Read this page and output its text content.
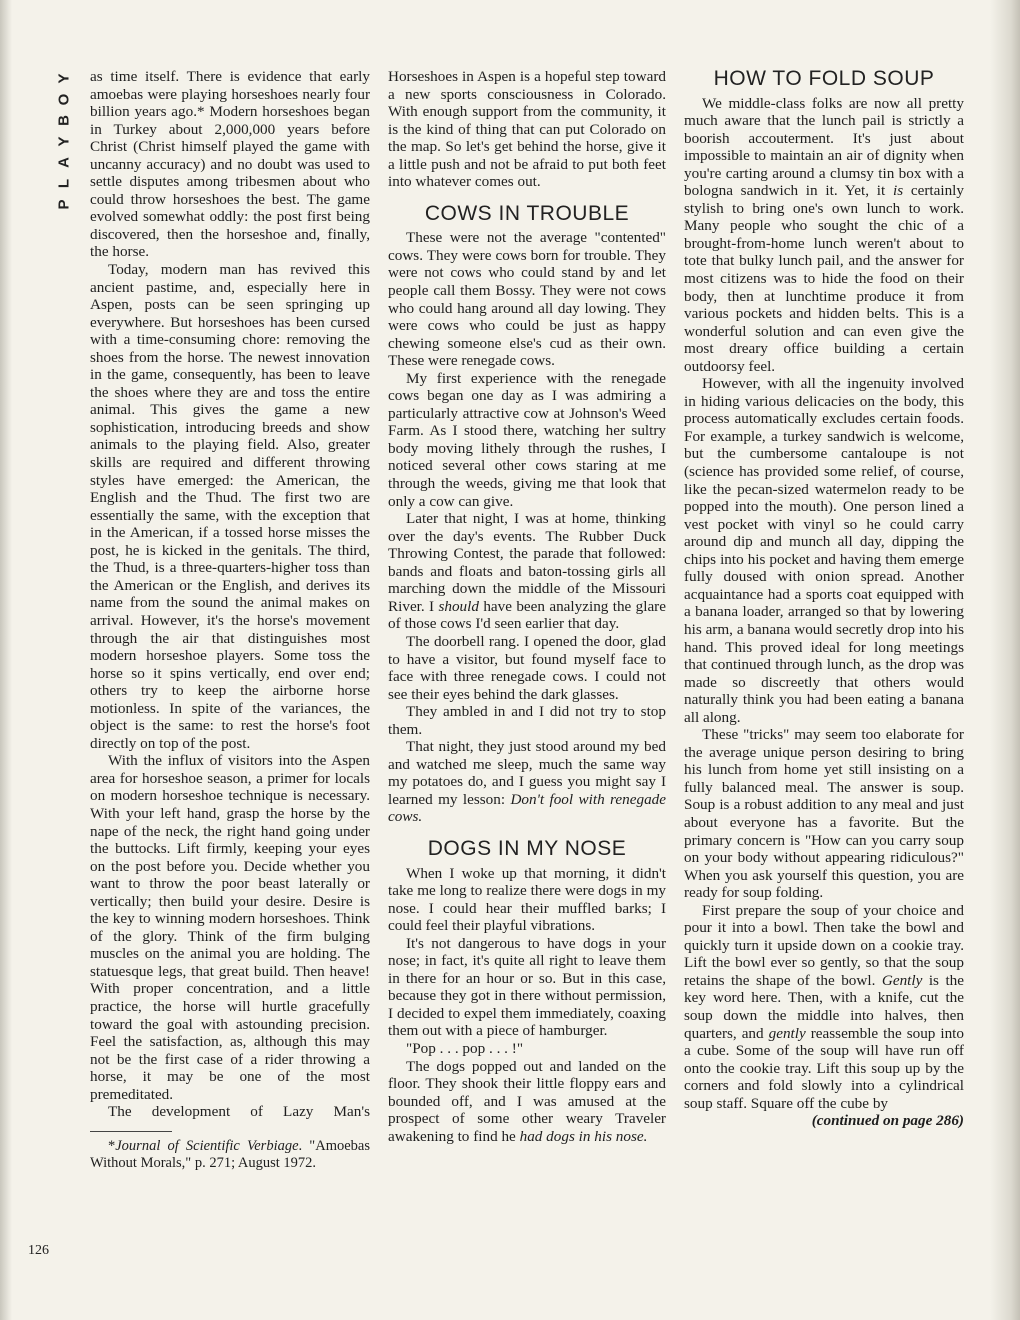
Y
O
B
Y
A
L
P

as time itself. There is evidence that early amoebas were playing horseshoes nearly four billion years ago.* Modern horseshoes began in Turkey about 2,000,000 years before Christ (Christ himself played the game with uncanny accuracy) and no doubt was used to settle disputes among tribesmen about who could throw horseshoes the best. The game evolved somewhat oddly: the post first being discovered, then the horseshoe and, finally, the horse.

Today, modern man has revived this ancient pastime, and, especially here in Aspen, posts can be seen springing up everywhere. But horseshoes has been cursed with a time-consuming chore: removing the shoes from the horse. The newest innovation in the game, consequently, has been to leave the shoes where they are and toss the entire animal. This gives the game a new sophistication, introducing breeds and show animals to the playing field. Also, greater skills are required and different throwing styles have emerged: the American, the English and the Thud. The first two are essentially the same, with the exception that in the American, if a tossed horse misses the post, he is kicked in the genitals. The third, the Thud, is a three-quarters-higher toss than the American or the English, and derives its name from the sound the animal makes on arrival. However, it's the horse's movement through the air that distinguishes most modern horseshoe players. Some toss the horse so it spins vertically, end over end; others try to keep the airborne horse motionless. In spite of the variances, the object is the same: to rest the horse's foot directly on top of the post.

With the influx of visitors into the Aspen area for horseshoe season, a primer for locals on modern horseshoe technique is necessary. With your left hand, grasp the horse by the nape of the neck, the right hand going under the buttocks. Lift firmly, keeping your eyes on the post before you. Decide whether you want to throw the poor beast laterally or vertically; then build your desire. Desire is the key to winning modern horseshoes. Think of the glory. Think of the firm bulging muscles on the animal you are holding. The statuesque legs, that great build. Then heave! With proper concentration, and a little practice, the horse will hurtle gracefully toward the goal with astounding precision. Feel the satisfaction, as, although this may not be the first case of a rider throwing a horse, it may be one of the most premeditated.

The development of Lazy Man's

*Journal of Scientific Verbiage. "Amoebas Without Morals," p. 271; August 1972.

Horseshoes in Aspen is a hopeful step toward a new sports consciousness in Colorado. With enough support from the community, it is the kind of thing that can put Colorado on the map. So let's get behind the horse, give it a little push and not be afraid to put both feet into whatever comes out.

COWS IN TROUBLE

These were not the average "contented" cows. They were cows born for trouble. They were not cows who could stand by and let people call them Bossy. They were not cows who could hang around all day lowing. They were cows who could be just as happy chewing someone else's cud as their own. These were renegade cows.

My first experience with the renegade cows began one day as I was admiring a particularly attractive cow at Johnson's Weed Farm. As I stood there, watching her sultry body moving lithely through the rushes, I noticed several other cows staring at me through the weeds, giving me that look that only a cow can give.

Later that night, I was at home, thinking over the day's events. The Rubber Duck Throwing Contest, the parade that followed: bands and floats and baton-tossing girls all marching down the middle of the Missouri River. I should have been analyzing the glare of those cows I'd seen earlier that day.

The doorbell rang. I opened the door, glad to have a visitor, but found myself face to face with three renegade cows. I could not see their eyes behind the dark glasses.

They ambled in and I did not try to stop them.

That night, they just stood around my bed and watched me sleep, much the same way my potatoes do, and I guess you might say I learned my lesson: Don't fool with renegade cows.

DOGS IN MY NOSE

When I woke up that morning, it didn't take me long to realize there were dogs in my nose. I could hear their muffled barks; I could feel their playful vibrations.

It's not dangerous to have dogs in your nose; in fact, it's quite all right to leave them in there for an hour or so. But in this case, because they got in there without permission, I decided to expel them immediately, coaxing them out with a piece of hamburger.

"Pop . . . pop . . . !"

The dogs popped out and landed on the floor. They shook their little floppy ears and bounded off, and I was amused at the prospect of some other weary Traveler awakening to find he had dogs in his nose.

HOW TO FOLD SOUP

We middle-class folks are now all pretty much aware that the lunch pail is strictly a boorish accouterment. It's just about impossible to maintain an air of dignity when you're carting around a clumsy tin box with a bologna sandwich in it. Yet, it is certainly stylish to bring one's own lunch to work. Many people who sought the chic of a brought-from-home lunch weren't about to tote that bulky lunch pail, and the answer for most citizens was to hide the food on their body, then at lunchtime produce it from various pockets and hidden belts. This is a wonderful solution and can even give the most dreary office building a certain outdoorsy feel.

However, with all the ingenuity involved in hiding various delicacies on the body, this process automatically excludes certain foods. For example, a turkey sandwich is welcome, but the cumbersome cantaloupe is not (science has provided some relief, of course, like the pecan-sized watermelon ready to be popped into the mouth). One person lined a vest pocket with vinyl so he could carry around dip and munch all day, dipping the chips into his pocket and having them emerge fully doused with onion spread. Another acquaintance had a sports coat equipped with a banana loader, arranged so that by lowering his arm, a banana would secretly drop into his hand. This proved ideal for long meetings that continued through lunch, as the drop was made so discreetly that others would naturally think you had been eating a banana all along.

These "tricks" may seem too elaborate for the average unique person desiring to bring his lunch from home yet still insisting on a fully balanced meal. The answer is soup. Soup is a robust addition to any meal and just about everyone has a favorite. But the primary concern is "How can you carry soup on your body without appearing ridiculous?" When you ask yourself this question, you are ready for soup folding.

First prepare the soup of your choice and pour it into a bowl. Then take the bowl and quickly turn it upside down on a cookie tray. Lift the bowl ever so gently, so that the soup retains the shape of the bowl. Gently is the key word here. Then, with a knife, cut the soup down the middle into halves, then quarters, and gently reassemble the soup into a cube. Some of the soup will have run off onto the cookie tray. Lift this soup up by the corners and fold slowly into a cylindrical soup staff. Square off the cube by

(continued on page 286)

126
